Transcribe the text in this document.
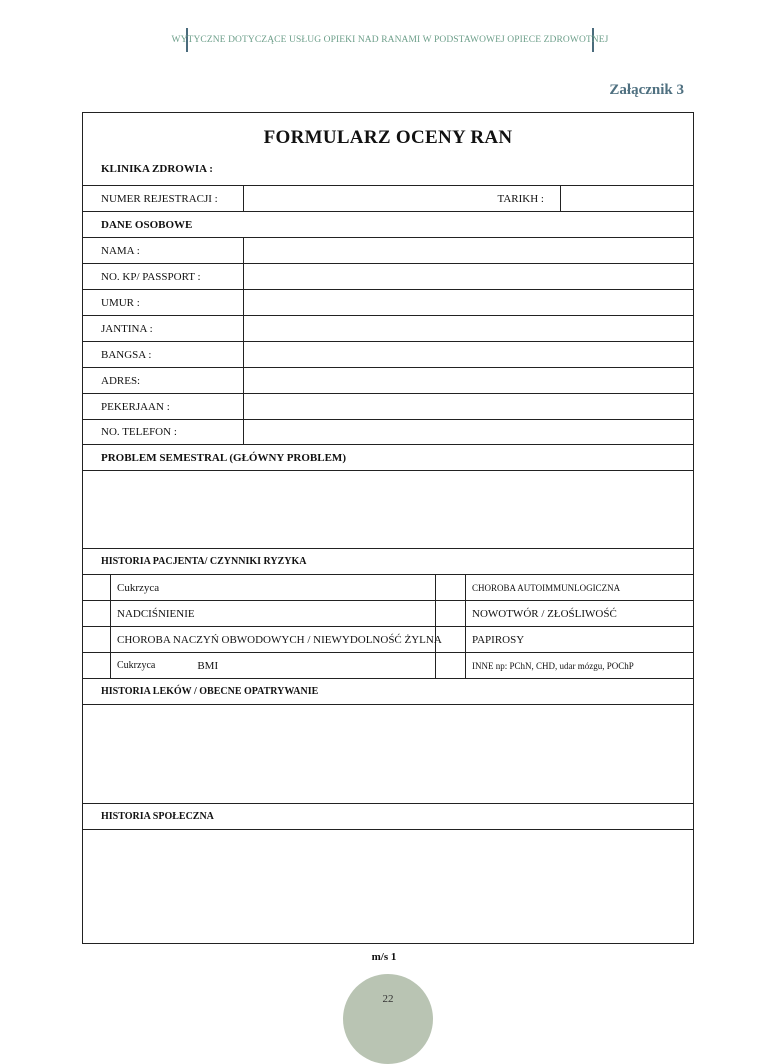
WYTYCZNE DOTYCZĄCE USŁUG OPIEKI NAD RANAMI W PODSTAWOWEJ OPIECE ZDROWOTNEJ
Załącznik 3
FORMULARZ OCENY RAN
KLINIKA ZDROWIA :
NUMER REJESTRACJI :	TARIKH :
DANE OSOBOWE
NAMA :
NO. KP/ PASSPORT :
UMUR :
JANTINA :
BANGSA :
ADRES:
PEKERJAAN :
NO. TELEFON :
PROBLEM SEMESTRAL (GŁÓWNY PROBLEM)
HISTORIA PACJENTA/ CZYNNIKI RYZYKA
Cukrzyca	CHOROBA AUTOIMMUNLOGICZNA
NADCIŚNIENIE	NOWOTWÓR / ZŁOŚLIWOŚĆ
CHOROBA NACZYŃ OBWODOWYCH / NIEWYDOLNOŚĆ ŻYLNA	PAPIROSY
Cukrzyca	BMI	INNE np: PChN, CHD, udar mózgu, POChP
HISTORIA LEKÓW / OBECNE OPATRYWANIE
HISTORIA SPOŁECZNA
m/s 1
22
